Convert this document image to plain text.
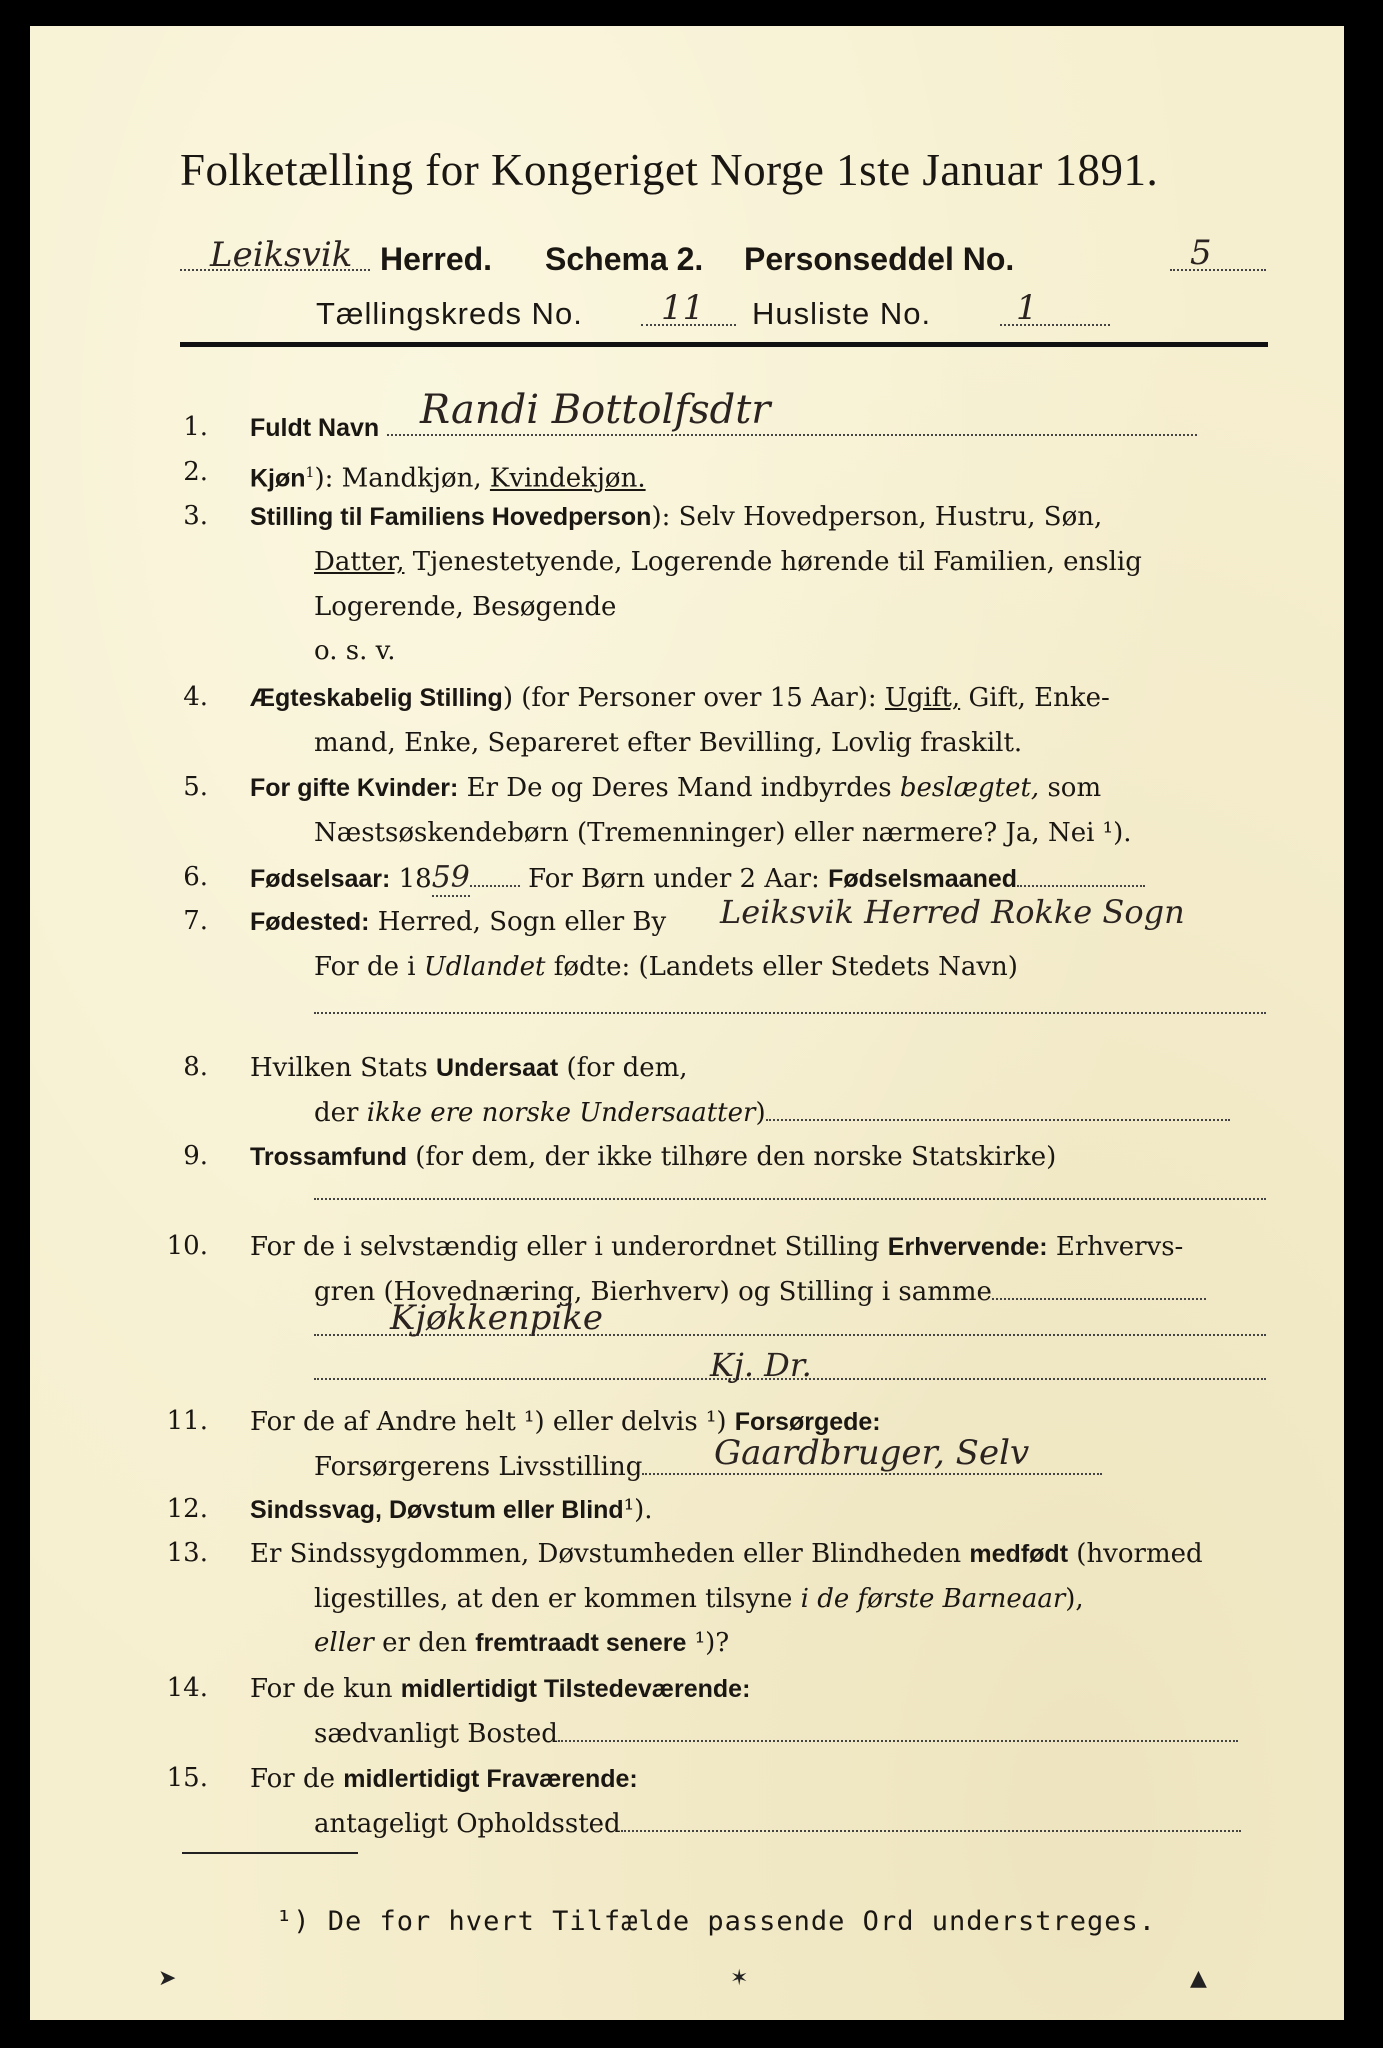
Folketælling for Kongeriget Norge 1ste Januar 1891.
Leiksvik Herred. Schema 2. Personseddel No.	5
Tællingskreds No. 11 Husliste No. 1
1. Fuldt Navn Randi Bottolfsdtr
2. Kjøn$^1$): Mandkjøn, Kvindekjøn.
3. Stilling til Familiens Hovedperson): Selv Hovedperson, Hustru, Søn,
Datter, Tjenestetyende, Logerende hørende til Familien, enslig
Logerende, Besøgende
o. s. v.
4. Ægteskabelig Stilling) (for Personer over 15 Aar): Ugift, Gift, Enke-
mand, Enke, Separeret efter Bevilling, Lovlig fraskilt.
5. For gifte Kvinder: Er De og Deres Mand indbyrdes beslægtet, som
Næstsøskendebørn (Tremenninger) eller nærmere? Ja, Nei ¹).
6. Fødselsaar: 1859 For Børn under 2 Aar: Fødselsmaaned
7. Fødested: Herred, Sogn eller By Leiksvik Herred Rokke Sogn
For de i Udlandet fødte: (Landets eller Stedets Navn)
8. Hvilken Stats Undersaat (for dem,
der ikke ere norske Undersaatter)
9. Trossamfund (for dem, der ikke tilhøre den norske Statskirke)
10. For de i selvstændig eller i underordnet Stilling Erhvervende: Erhvervs-
gren (Hovednæring, Bierhverv) og Stilling i samme
Kjøkkenpike
Kj. Dr.
11. For de af Andre helt ¹) eller delvis ¹) Forsørgede:
Forsørgerens Livsstilling Gaardbruger, Selv
12. Sindssvag, Døvstum eller Blind¹).
13. Er Sindssygdommen, Døvstumheden eller Blindheden medfødt (hvormed
ligestilles, at den er kommen tilsyne i de første Barneaar),
eller er den fremtraadt senere ¹)?
14. For de kun midlertidigt Tilstedeværende:
sædvanligt Bosted
15. For de midlertidigt Fraværende:
antageligt Opholdssted
¹) De for hvert Tilfælde passende Ord understreges.
➤	✶	▲
